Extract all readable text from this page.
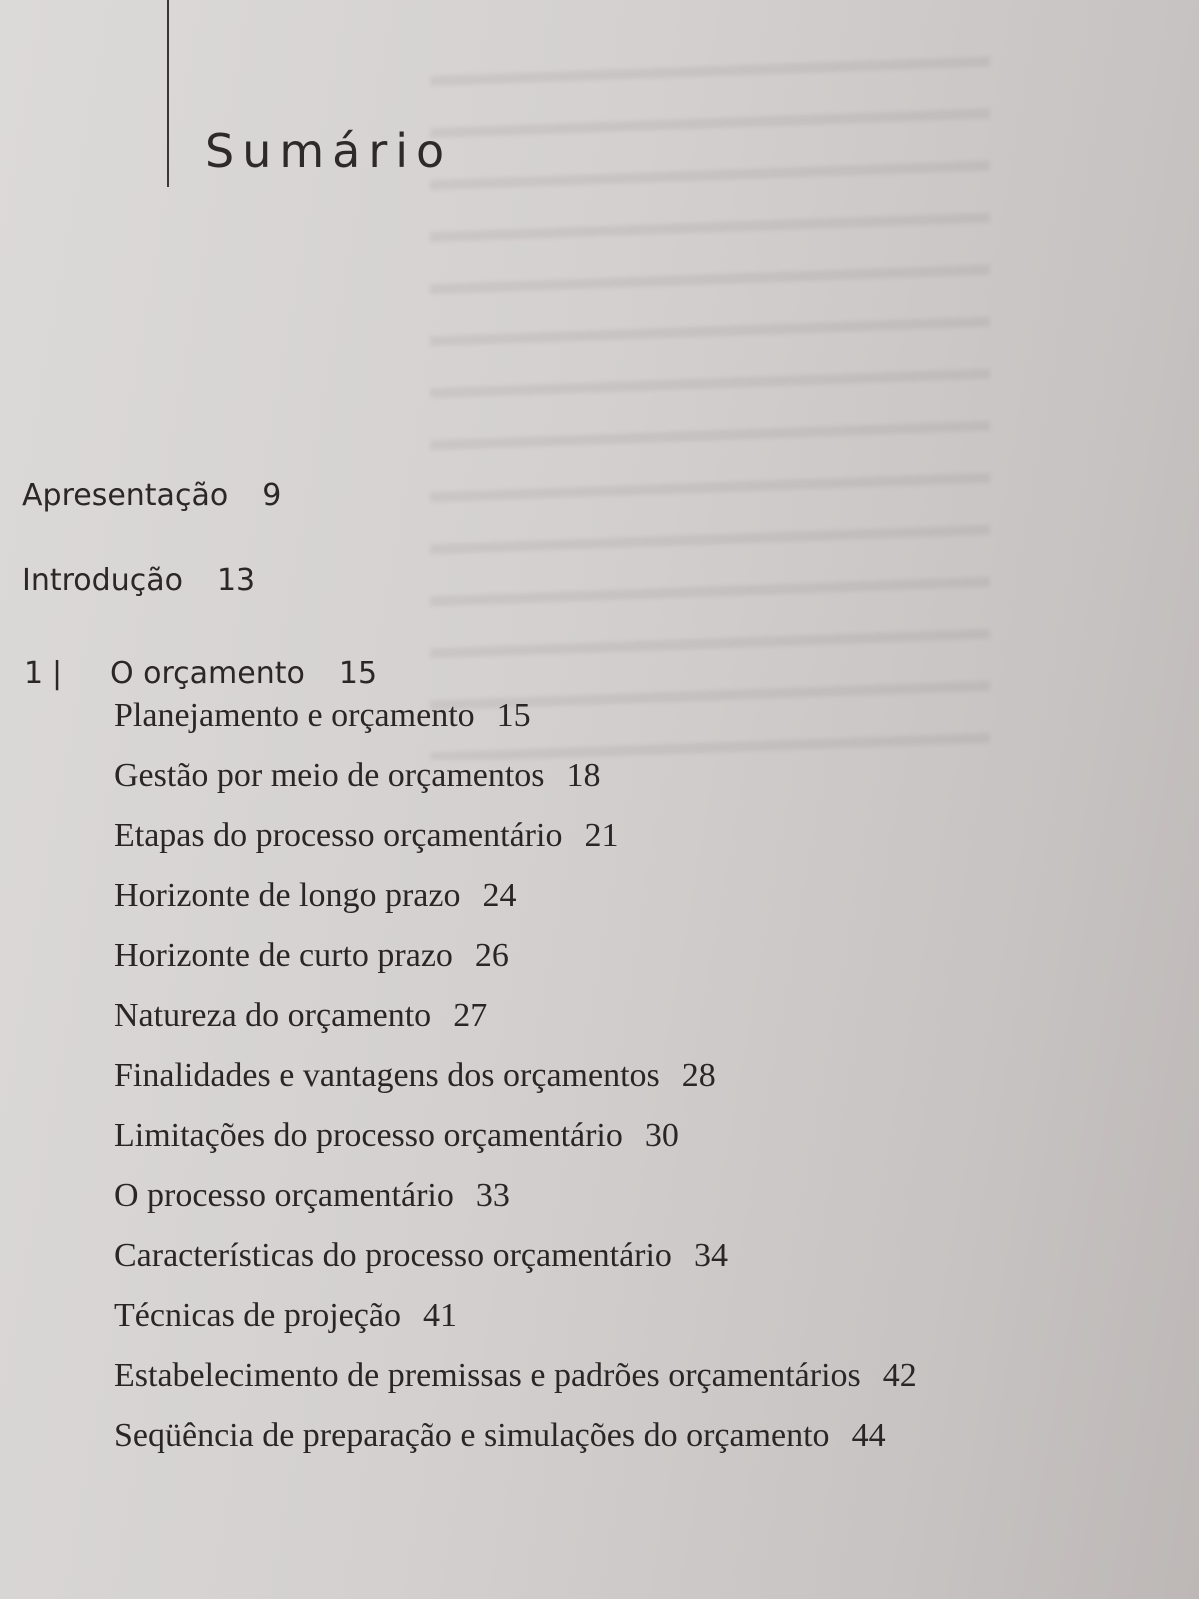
Sumário
Apresentação 9
Introdução 13
1 | O orçamento 15
Planejamento e orçamento 15
Gestão por meio de orçamentos 18
Etapas do processo orçamentário 21
Horizonte de longo prazo 24
Horizonte de curto prazo 26
Natureza do orçamento 27
Finalidades e vantagens dos orçamentos 28
Limitações do processo orçamentário 30
O processo orçamentário 33
Características do processo orçamentário 34
Técnicas de projeção 41
Estabelecimento de premissas e padrões orçamentários 42
Seqüência de preparação e simulações do orçamento 44
